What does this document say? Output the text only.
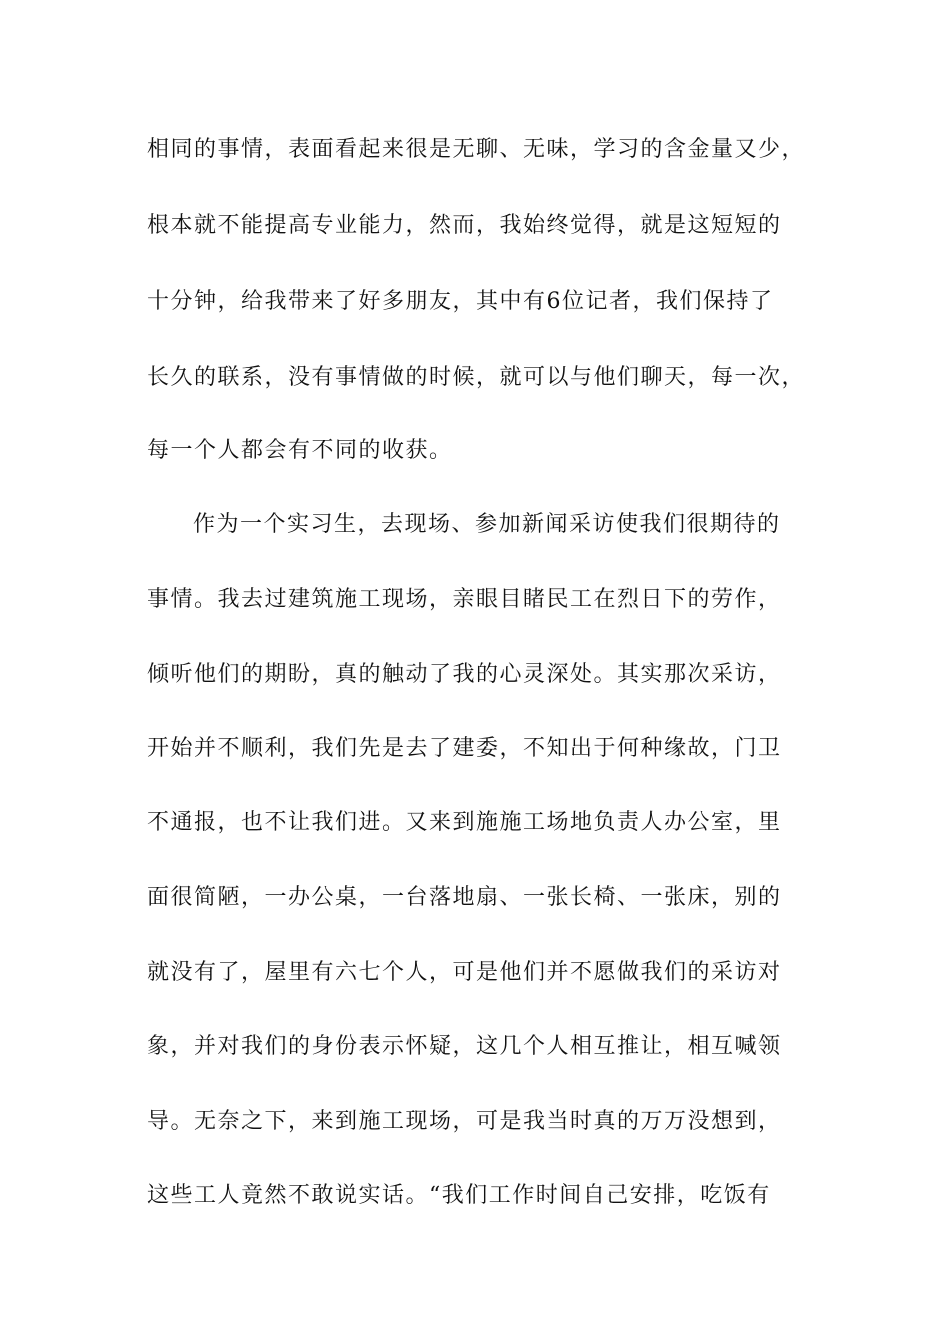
相同的事情，表面看起来很是无聊、无味，学习的含金量又少，
根本就不能提高专业能力，然而，我始终觉得，就是这短短的
十分钟，给我带来了好多朋友，其中有6位记者，我们保持了
长久的联系，没有事情做的时候，就可以与他们聊天，每一次，
每一个人都会有不同的收获。
作为一个实习生，去现场、参加新闻采访使我们很期待的
事情。我去过建筑施工现场，亲眼目睹民工在烈日下的劳作，
倾听他们的期盼，真的触动了我的心灵深处。其实那次采访，
开始并不顺利，我们先是去了建委，不知出于何种缘故，门卫
不通报，也不让我们进。又来到施施工场地负责人办公室，里
面很简陋，一办公桌，一台落地扇、一张长椅、一张床，别的
就没有了，屋里有六七个人，可是他们并不愿做我们的采访对
象，并对我们的身份表示怀疑，这几个人相互推让，相互喊领
导。无奈之下，来到施工现场，可是我当时真的万万没想到，
这些工人竟然不敢说实话。“我们工作时间自己安排，吃饭有
